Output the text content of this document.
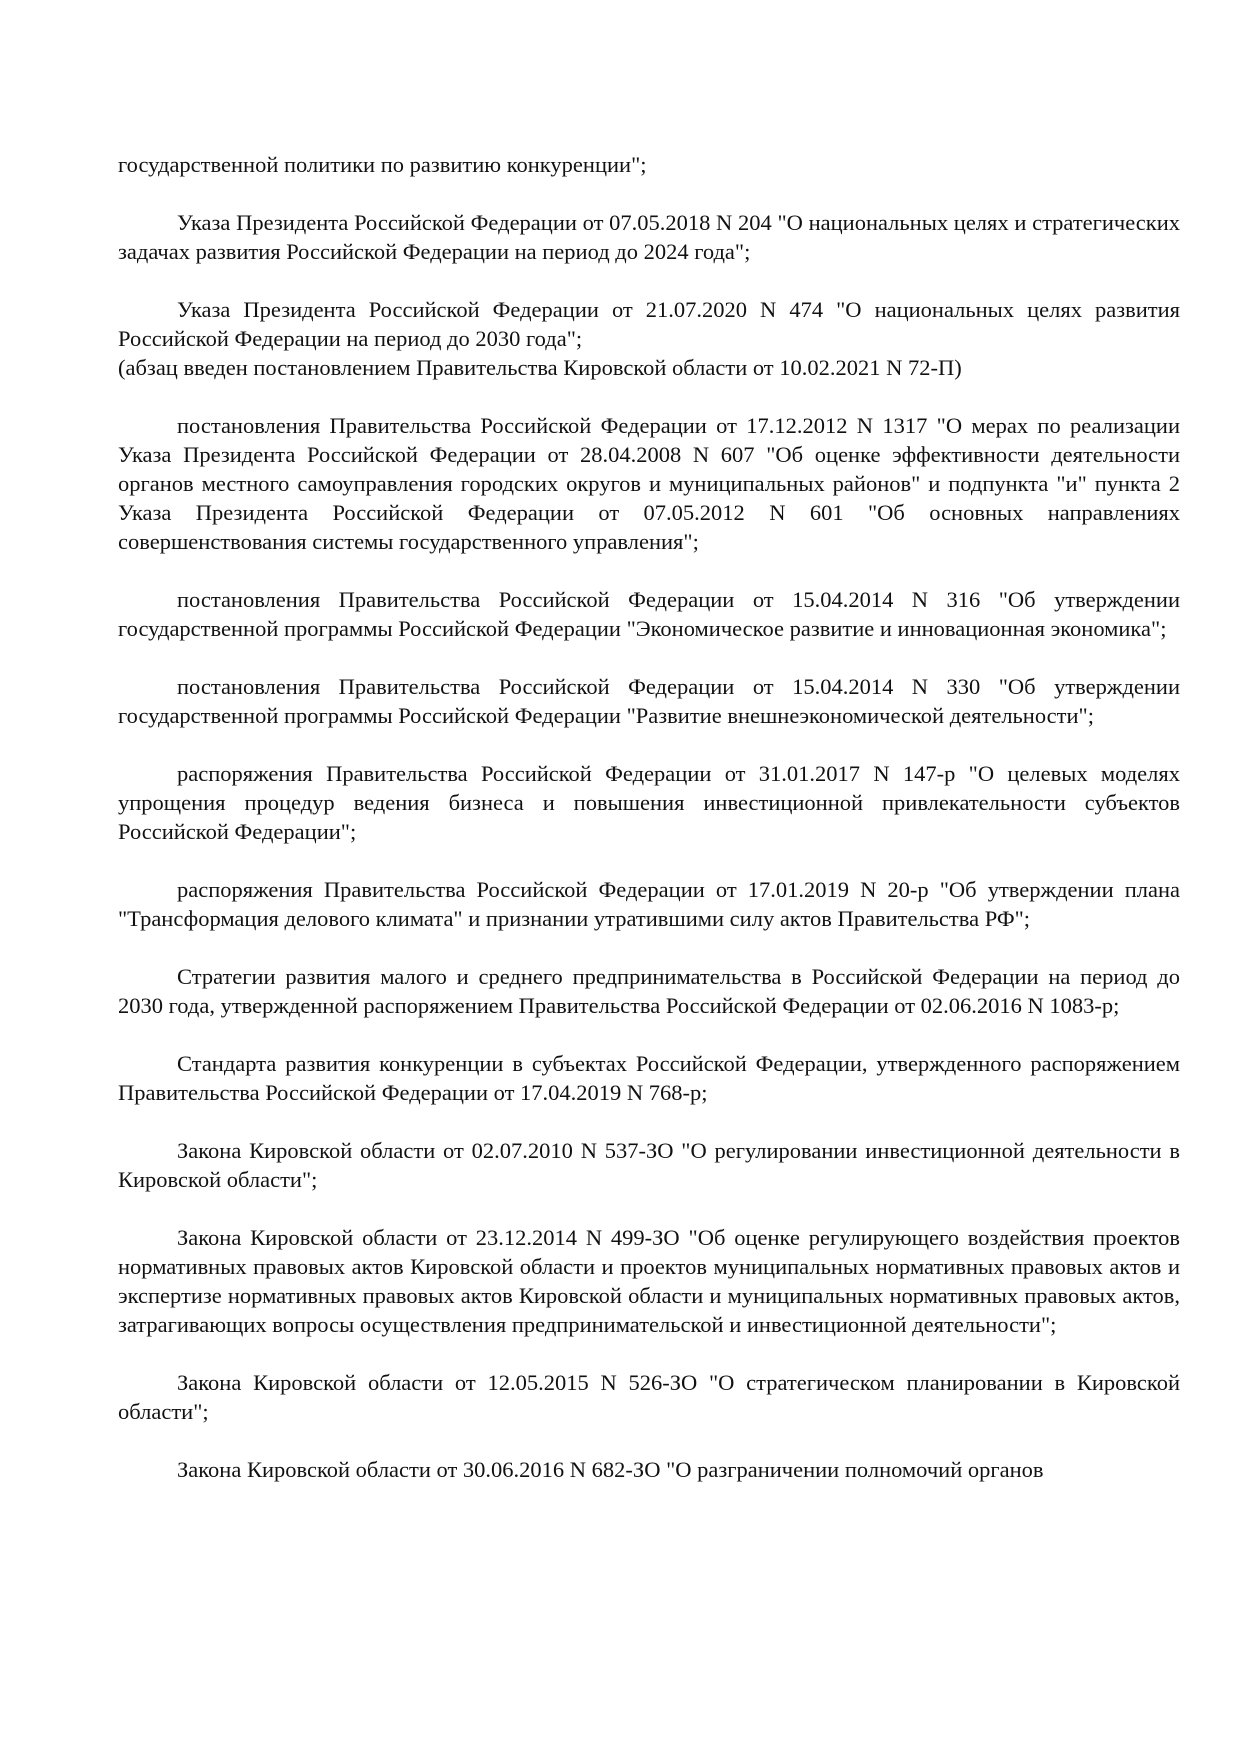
государственной политики по развитию конкуренции";

Указа Президента Российской Федерации от 07.05.2018 N 204 "О национальных целях и стратегических задачах развития Российской Федерации на период до 2024 года";

Указа Президента Российской Федерации от 21.07.2020 N 474 "О национальных целях развития Российской Федерации на период до 2030 года";
(абзац введен постановлением Правительства Кировской области от 10.02.2021 N 72-П)

постановления Правительства Российской Федерации от 17.12.2012 N 1317 "О мерах по реализации Указа Президента Российской Федерации от 28.04.2008 N 607 "Об оценке эффективности деятельности органов местного самоуправления городских округов и муниципальных районов" и подпункта "и" пункта 2 Указа Президента Российской Федерации от 07.05.2012 N 601 "Об основных направлениях совершенствования системы государственного управления";

постановления Правительства Российской Федерации от 15.04.2014 N 316 "Об утверждении государственной программы Российской Федерации "Экономическое развитие и инновационная экономика";

постановления Правительства Российской Федерации от 15.04.2014 N 330 "Об утверждении государственной программы Российской Федерации "Развитие внешнеэкономической деятельности";

распоряжения Правительства Российской Федерации от 31.01.2017 N 147-р "О целевых моделях упрощения процедур ведения бизнеса и повышения инвестиционной привлекательности субъектов Российской Федерации";

распоряжения Правительства Российской Федерации от 17.01.2019 N 20-р "Об утверждении плана "Трансформация делового климата" и признании утратившими силу актов Правительства РФ";

Стратегии развития малого и среднего предпринимательства в Российской Федерации на период до 2030 года, утвержденной распоряжением Правительства Российской Федерации от 02.06.2016 N 1083-р;

Стандарта развития конкуренции в субъектах Российской Федерации, утвержденного распоряжением Правительства Российской Федерации от 17.04.2019 N 768-р;

Закона Кировской области от 02.07.2010 N 537-ЗО "О регулировании инвестиционной деятельности в Кировской области";

Закона Кировской области от 23.12.2014 N 499-ЗО "Об оценке регулирующего воздействия проектов нормативных правовых актов Кировской области и проектов муниципальных нормативных правовых актов и экспертизе нормативных правовых актов Кировской области и муниципальных нормативных правовых актов, затрагивающих вопросы осуществления предпринимательской и инвестиционной деятельности";

Закона Кировской области от 12.05.2015 N 526-ЗО "О стратегическом планировании в Кировской области";

Закона Кировской области от 30.06.2016 N 682-ЗО "О разграничении полномочий органов
